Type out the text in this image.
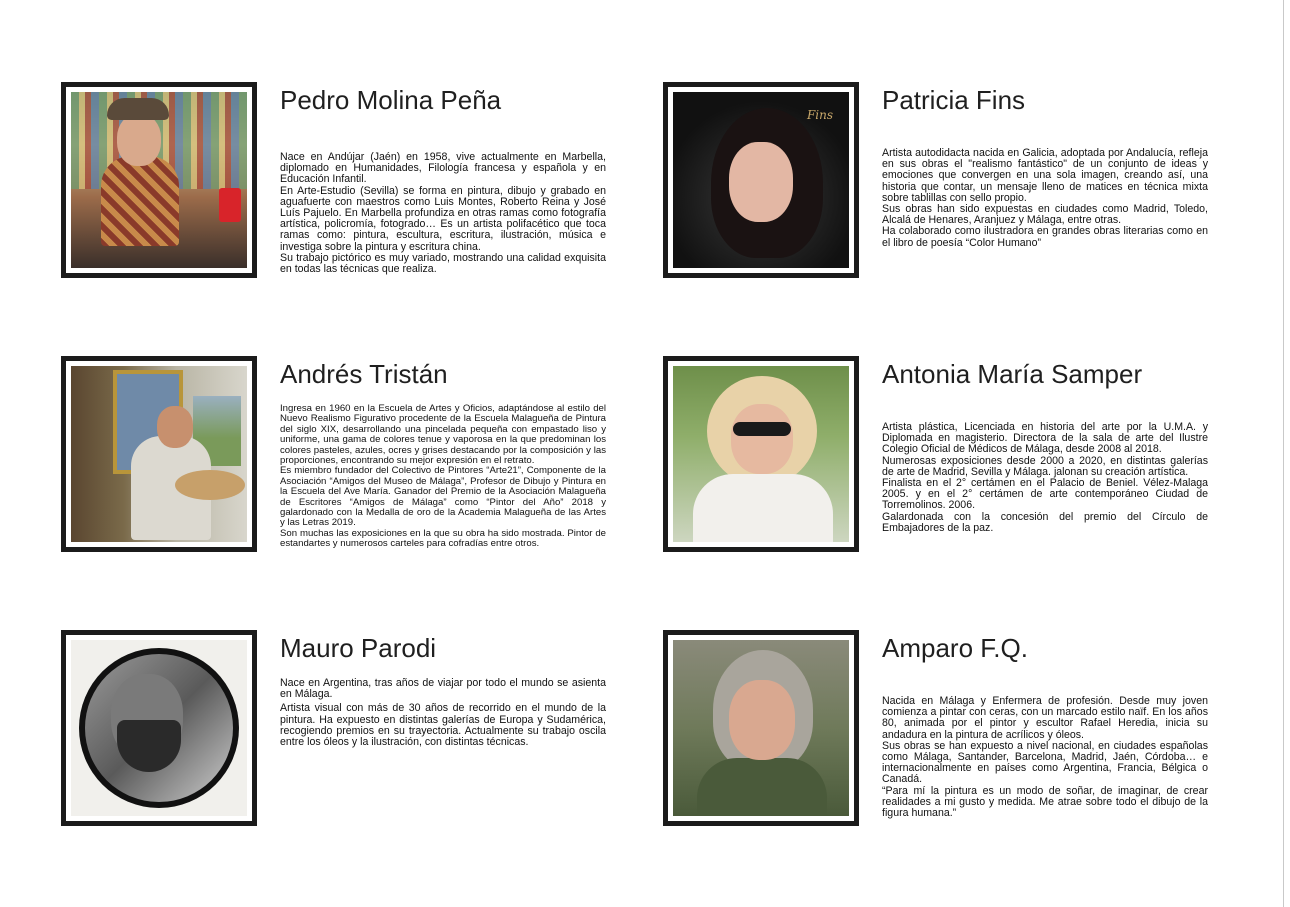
Pedro Molina Peña

Nace en Andújar (Jaén) en 1958, vive actualmente en Marbella, diplomado en Humanidades, Filología francesa y española y en Educación Infantil.

En Arte-Estudio (Sevilla) se forma en pintura, dibujo y grabado en aguafuerte con maestros como Luis Montes, Roberto Reina y José Luís Pajuelo. En Marbella profundiza en otras ramas como fotografía artística, policromía, fotogrado… Es un artista polifacético que toca ramas como: pintura, escultura, escritura, ilustración, música e investiga sobre la pintura y escritura china.

Su trabajo pictórico es muy variado, mostrando una calidad exquisita en todas las técnicas que realiza.

Fins Patricia Fins

Artista autodidacta nacida en Galicia, adoptada por Andalucía, refleja en sus obras el "realismo fantástico" de un conjunto de ideas y emociones que convergen en una sola imagen, creando así, una historia que contar, un mensaje lleno de matices en técnica mixta sobre tablillas con sello propio.

Sus obras han sido expuestas en ciudades como Madrid, Toledo, Alcalá de Henares, Aranjuez y Málaga, entre otras.

Ha colaborado como ilustradora en grandes obras literarias como en el libro de poesía “Color Humano”

Andrés Tristán

Ingresa en 1960 en la Escuela de Artes y Oficios, adaptándose al estilo del Nuevo Realismo Figurativo procedente de la Escuela Malagueña de Pintura del siglo XIX, desarrollando una pincelada pequeña con empastado liso y uniforme, una gama de colores tenue y vaporosa en la que predominan los colores pasteles, azules, ocres y grises destacando por la composición y las proporciones, encontrando su mejor expresión en el retrato.

Es miembro fundador del Colectivo de Pintores “Arte21”, Componente de la Asociación “Amigos del Museo de Málaga”, Profesor de Dibujo y Pintura en la Escuela del Ave María. Ganador del Premio de la Asociación Malagueña de Escritores “Amigos de Málaga” como “Pintor del Año” 2018 y galardonado con la Medalla de oro de la Academia Malagueña de las Artes y las Letras 2019.

Son muchas las exposiciones en la que su obra ha sido mostrada. Pintor de estandartes y numerosos carteles para cofradías entre otros.

Antonia María Samper

Artista plástica, Licenciada en historia del arte por la U.M.A. y Diplomada en magisterio. Directora de la sala de arte del Ilustre Colegio Oficial de Médicos de Málaga, desde 2008 al 2018.

Numerosas exposiciones desde 2000 a 2020, en distintas galerías de arte de Madrid, Sevilla y Málaga. jalonan su creación artística.

Finalista en el 2° certámen en el Palacio de Beniel. Vélez-Malaga 2005. y en el 2° certámen de arte contemporáneo Ciudad de Torremolinos. 2006.

Galardonada con la concesión del premio del Círculo de Embajadores de la paz.

Mauro Parodi

Nace en Argentina, tras años de viajar por todo el mundo se asienta en Málaga.

Artista visual con más de 30 años de recorrido en el mundo de la pintura. Ha expuesto en distintas galerías de Europa y Sudamérica, recogiendo premios en su trayectoria. Actualmente su trabajo oscila entre los óleos y la ilustración, con distintas técnicas.

Amparo F.Q.

Nacida en Málaga y Enfermera de profesión. Desde muy joven comienza a pintar con ceras, con un marcado estilo naïf. En los años 80, animada por el pintor y escultor Rafael Heredia, inicia su andadura en la pintura de acrílicos y óleos.

Sus obras se han expuesto a nivel nacional, en ciudades españolas como Málaga, Santander, Barcelona, Madrid, Jaén, Córdoba… e internacionalmente en países como Argentina, Francia, Bélgica o Canadá.

“Para mí la pintura es un modo de soñar, de imaginar, de crear realidades a mi gusto y medida. Me atrae sobre todo el dibujo de la figura humana.”
